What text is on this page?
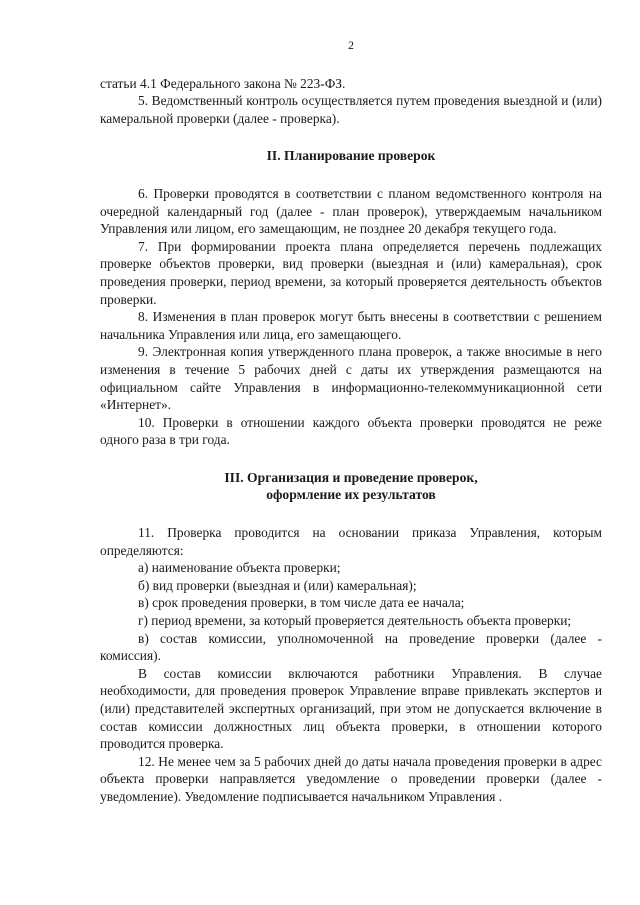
2

статьи 4.1 Федерального закона № 223-ФЗ.

5. Ведомственный контроль осуществляется путем проведения выездной и (или) камеральной проверки (далее - проверка).

II. Планирование проверок

6. Проверки проводятся в соответствии с планом ведомственного контроля на очередной календарный год (далее - план проверок), утверждаемым начальником Управления или лицом, его замещающим, не позднее 20 декабря текущего года.

7. При формировании проекта плана определяется перечень подлежащих проверке объектов проверки, вид проверки (выездная и (или) камеральная), срок проведения проверки, период времени, за который проверяется деятельность объектов проверки.

8. Изменения в план проверок могут быть внесены в соответствии с решением начальника Управления или лица, его замещающего.

9. Электронная копия утвержденного плана проверок, а также вносимые в него изменения в течение 5 рабочих дней с даты их утверждения размещаются на официальном сайте Управления в информационно-телекоммуникационной сети «Интернет».

10. Проверки в отношении каждого объекта проверки проводятся не реже одного раза в три года.

III. Организация и проведение проверок,
оформление их результатов

11. Проверка проводится на основании приказа Управления, которым определяются:

а) наименование объекта проверки;

б) вид проверки (выездная и (или) камеральная);

в) срок проведения проверки, в том числе дата ее начала;

г) период времени, за который проверяется деятельность объекта проверки;

в) состав комиссии, уполномоченной на проведение проверки (далее - комиссия).

В состав комиссии включаются работники Управления. В случае необходимости, для проведения проверок Управление вправе привлекать экспертов и (или) представителей экспертных организаций, при этом не допускается включение в состав комиссии должностных лиц объекта проверки, в отношении которого проводится проверка.

12. Не менее чем за 5 рабочих дней до даты начала проведения проверки в адрес объекта проверки направляется уведомление о проведении проверки (далее - уведомление). Уведомление подписывается начальником Управления .
